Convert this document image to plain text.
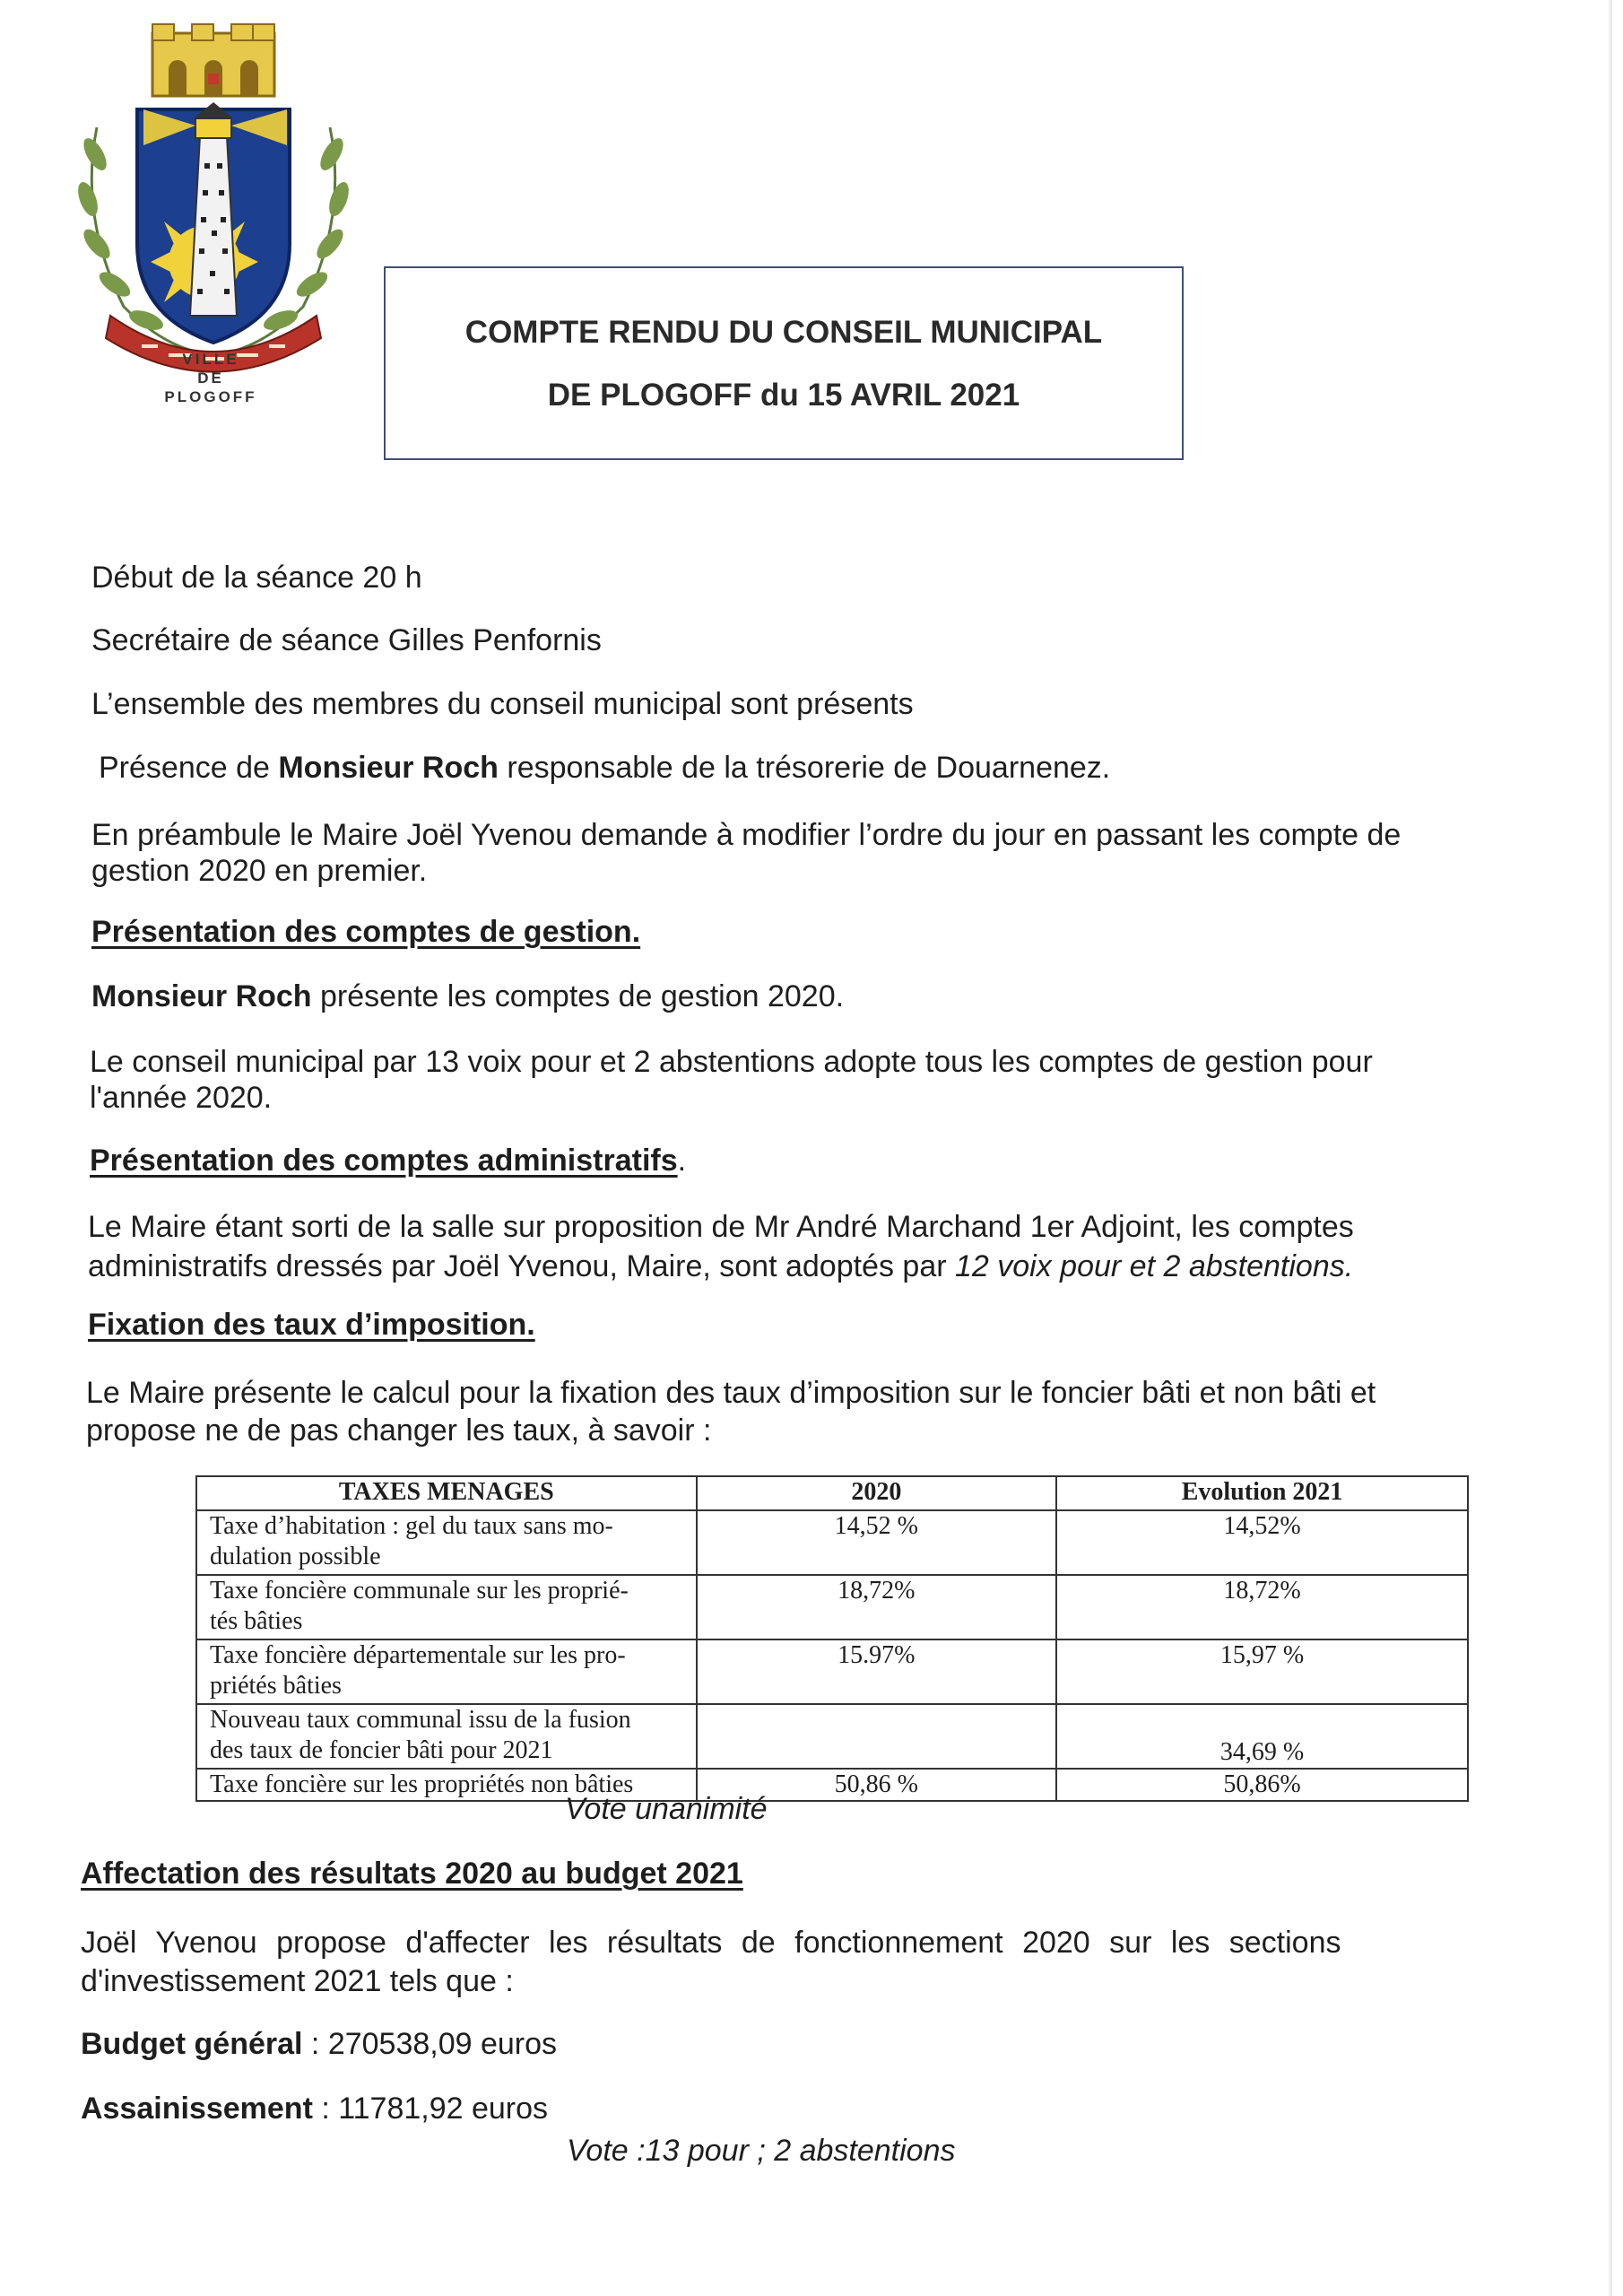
VILLE
DE
PLOGOFF
COMPTE RENDU DU CONSEIL MUNICIPAL
DE PLOGOFF du 15 AVRIL 2021
Début de la séance 20 h
Secrétaire de séance Gilles Penfornis
L’ensemble des membres du conseil municipal sont présents
Présence de Monsieur Roch responsable de la trésorerie de Douarnenez.
En préambule le Maire Joël Yvenou demande à modifier l’ordre du jour en passant les compte de
gestion 2020 en premier.
Présentation des comptes de gestion.
Monsieur Roch présente les comptes de gestion 2020.
Le conseil municipal par 13 voix pour et 2 abstentions adopte tous les comptes de gestion pour
l'année 2020.
Présentation des comptes administratifs.
Le Maire étant sorti de la salle sur proposition de Mr André Marchand 1er Adjoint, les comptes
administratifs dressés par Joël Yvenou, Maire, sont adoptés par 12 voix pour et 2 abstentions.
Fixation des taux d’imposition.
Le Maire présente le calcul pour la fixation des taux d’imposition sur le foncier bâti et non bâti et
propose ne de pas changer les taux, à savoir :
TAXES MENAGES	2020	Evolution 2021
Taxe d’habitation : gel du taux sans mo-
dulation possible	14,52 %	14,52%
Taxe foncière communale sur les proprié-
tés bâties	18,72%	18,72%
Taxe foncière départementale sur les pro-
priétés bâties	15.97%	15,97 %
Nouveau taux communal issu de la fusion
des taux de foncier bâti pour 2021		34,69 %
Taxe foncière sur les propriétés non bâties	50,86 %	50,86%
Vote unanimité
Affectation des résultats 2020 au budget 2021
Joël Yvenou propose d'affecter les résultats de fonctionnement 2020 sur les sections
d'investissement 2021 tels que :
Budget général : 270538,09 euros
Assainissement : 11781,92 euros
Vote :13 pour ; 2 abstentions
